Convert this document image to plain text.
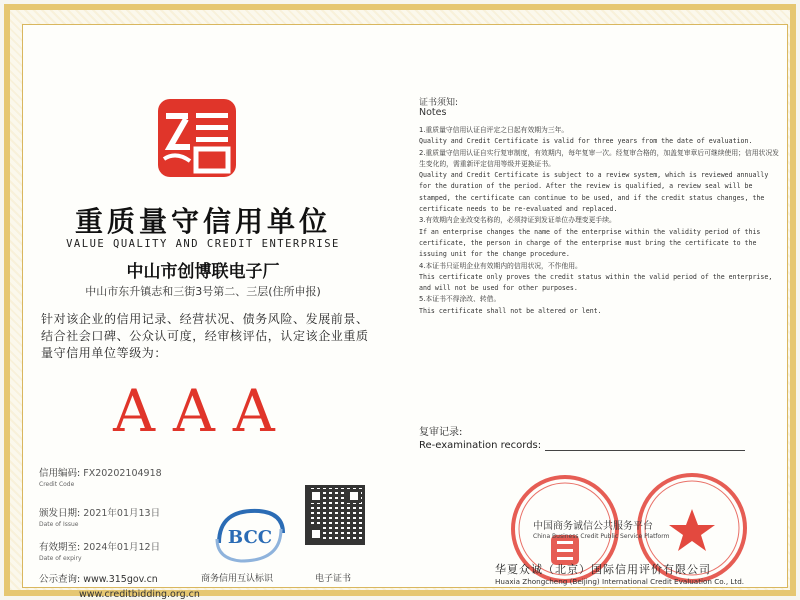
重质量守信用单位
VALUE QUALITY AND CREDIT ENTERPRISE
中山市创博联电子厂
中山市东升镇志和三街3号第二、三层(住所申报)
针对该企业的信用记录、经营状况、债务风险、发展前景、结合社会口碑、公众认可度，经审核评估，认定该企业重质量守信用单位等级为：
AAA
信用编码: FX20202104918
Credit Code
颁发日期: 2021年01月13日
Date of Issue
有效期至: 2024年01月12日
Date of expiry
公示查询: www.315gov.cn
www.creditbidding.org.cn
BCC
商务信用互认标识	电子证书
证书须知:
Notes
1.重质量守信用认证自评定之日起有效期为三年。
Quality and Credit Certificate is valid for three years from the date of evaluation.
2.重质量守信用认证自实行复审制度，有效期内，每年复审一次。经复审合格的，加盖复审章后可继续使用；信用状况发生变化的，需重新评定信用等级并更换证书。
Quality and Credit Certificate is subject to a review system, which is reviewed annually for the duration of the period. After the review is qualified, a review seal will be stamped, the certificate can continue to be used, and if the credit status changes, the certificate needs to be re-evaluated and replaced.
3.有效期内企业改变名称的，必须持证到发证单位办理变更手续。
If an enterprise changes the name of the enterprise within the validity period of this certificate, the person in charge of the enterprise must bring the certificate to the issuing unit for the change procedure.
4.本证书只证明企业有效期内的信用状况，不作他用。
This certificate only proves the credit status within the valid period of the enterprise, and will not be used for other purposes.
5.本证书不得涂改、转借。
This certificate shall not be altered or lent.
复审记录:
Re-examination records:
中国商务诚信公共服务平台
China Business Credit Public Service Platform
华夏众诚（北京）国际信用评价有限公司
Huaxia Zhongcheng (Beijing) International Credit Evaluation Co., Ltd.
